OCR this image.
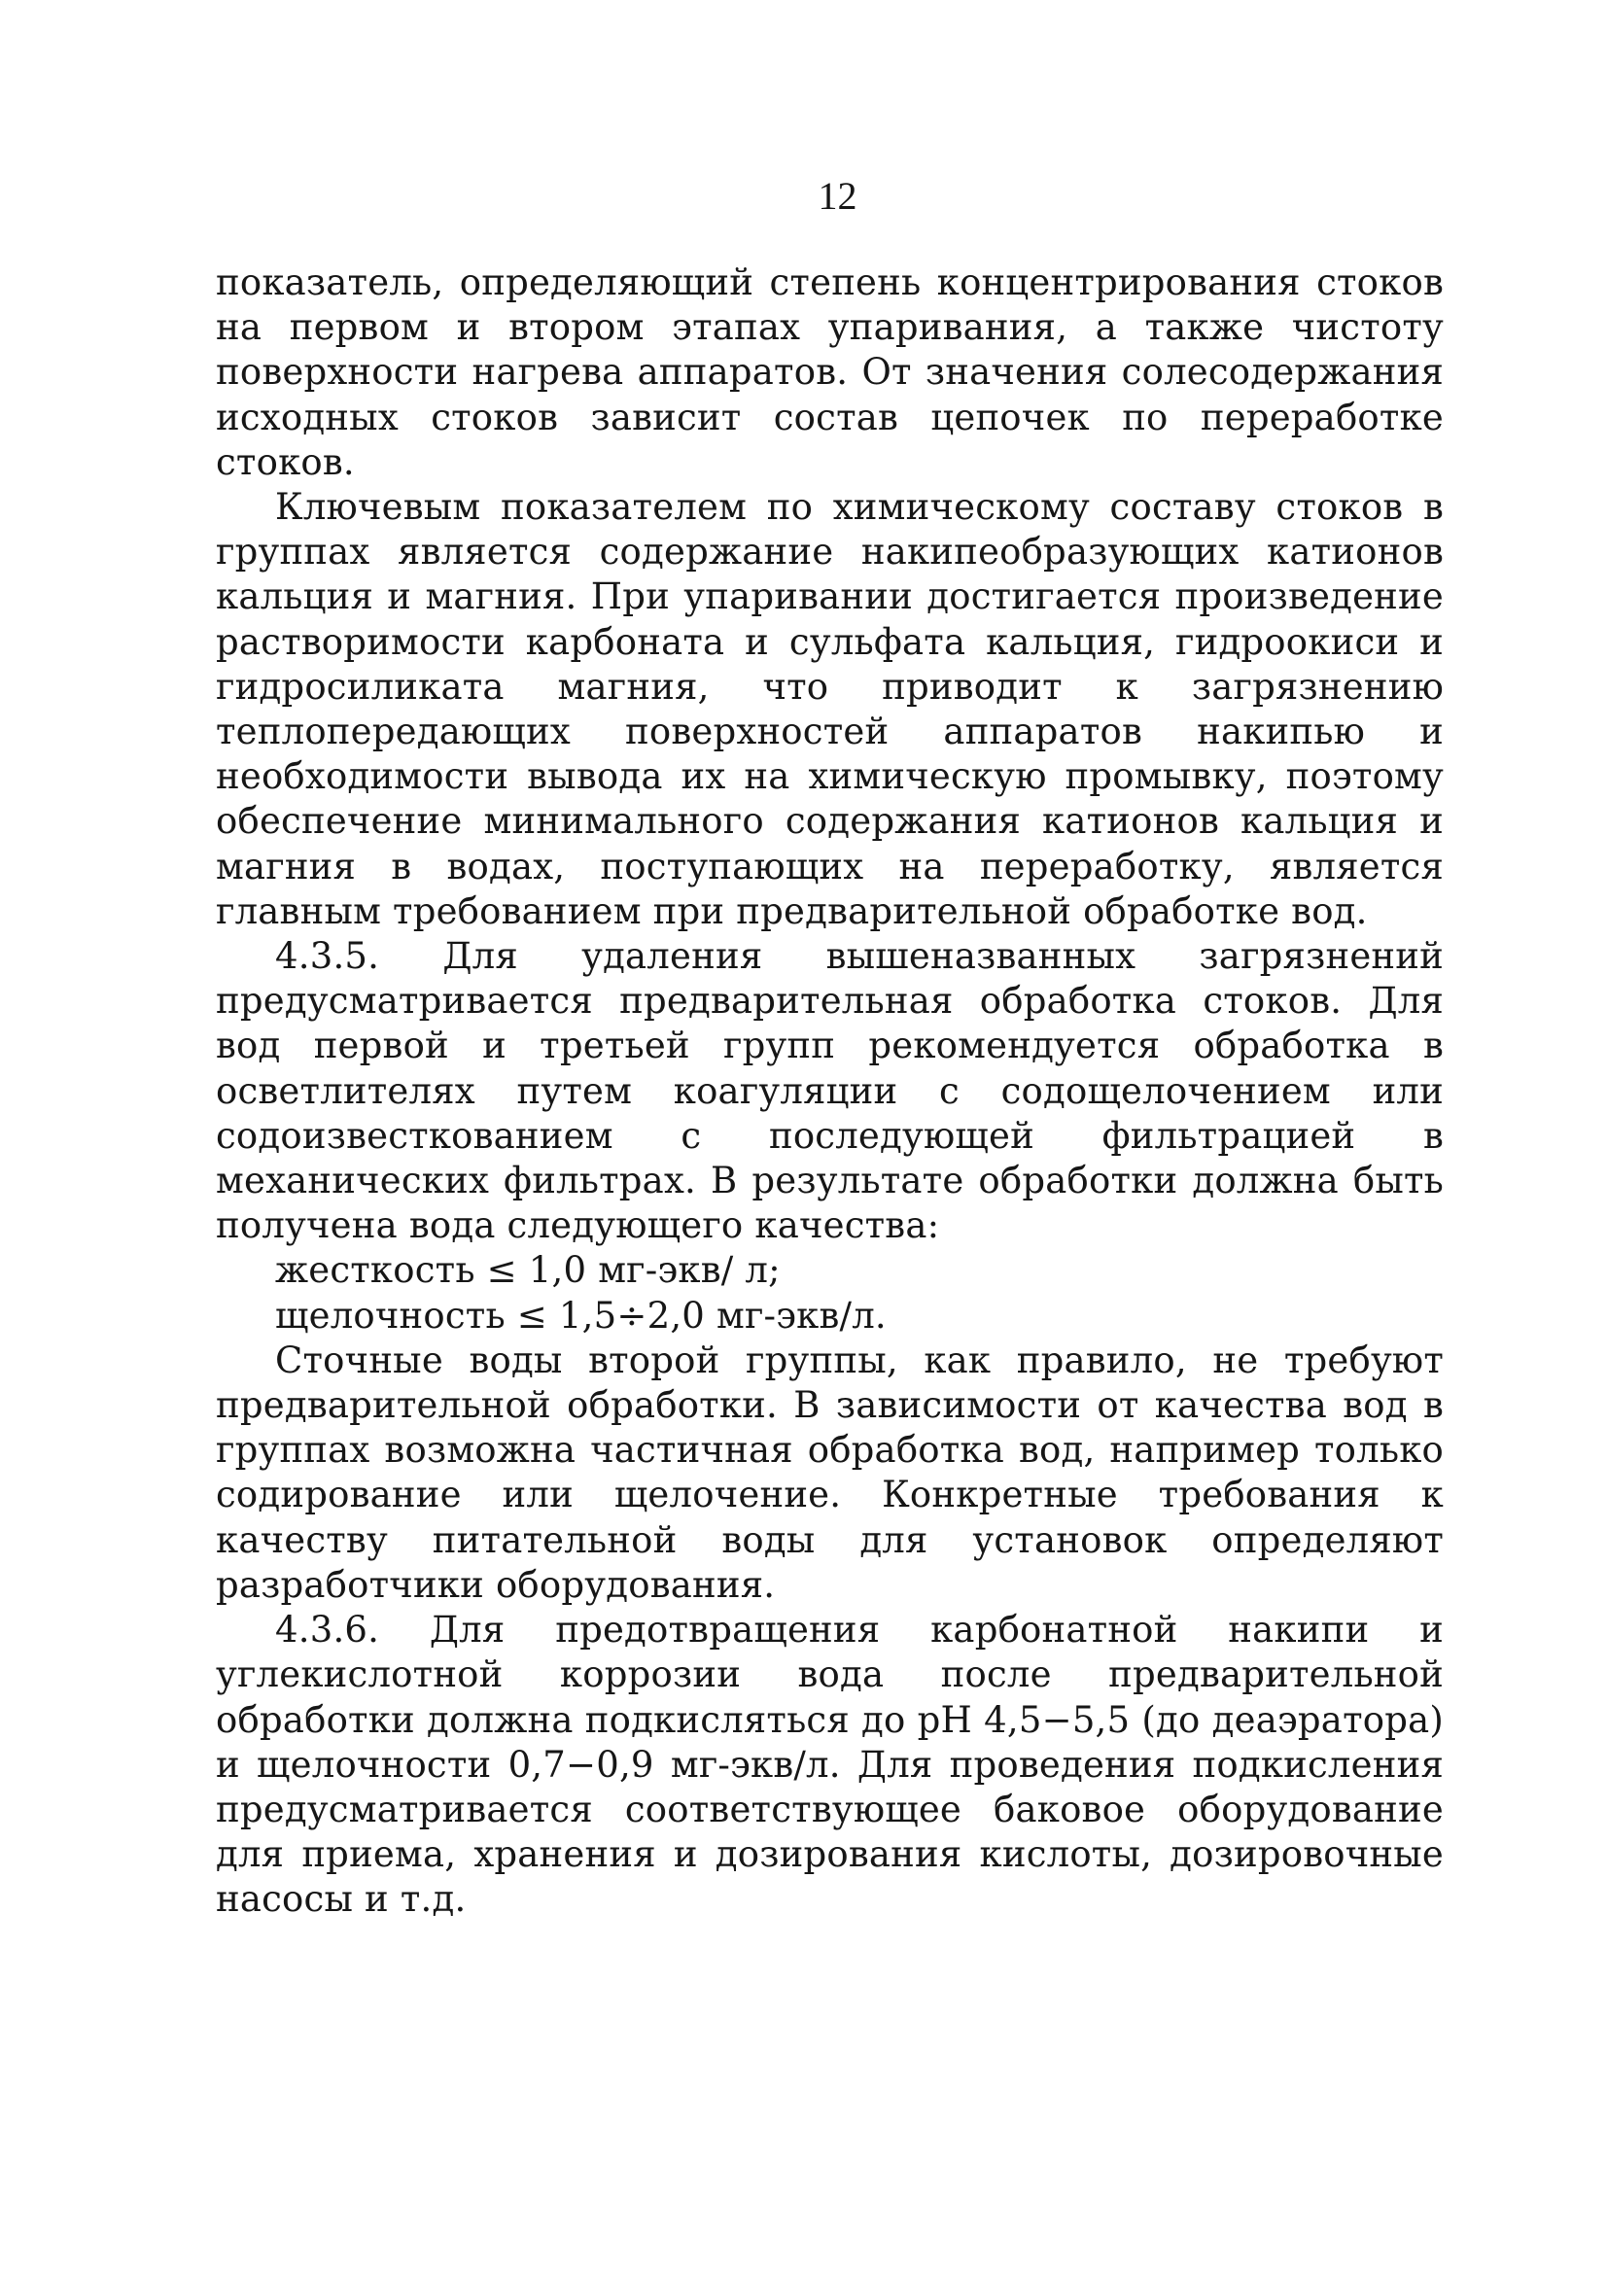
12

показатель, определяющий степень концентрирования стоков на первом и втором этапах упаривания, а также чистоту поверхности нагрева аппаратов. От значения солесодержания исходных стоков зависит состав цепочек по переработке стоков.

Ключевым показателем по химическому составу стоков в группах является содержание накипеобразующих катионов кальция и магния. При упаривании достигается произведение растворимости карбоната и сульфата кальция, гидроокиси и гидросиликата магния, что приводит к загрязнению теплопередающих поверхностей аппаратов накипью и необходимости вывода их на химическую промывку, поэтому обеспечение минимального содержания катионов кальция и магния в водах, поступающих на переработку, является главным требованием при предварительной обработке вод.

4.3.5. Для удаления вышеназванных загрязнений предусматривается предварительная обработка стоков. Для вод первой и третьей групп рекомендуется обработка в осветлителях путем коагуляции с содощелочением или содоизвесткованием с последующей фильтрацией в механических фильтрах. В результате обработки должна быть получена вода следующего качества:

жесткость ≤ 1,0 мг-экв/ л;

щелочность ≤ 1,5÷2,0 мг-экв/л.

Сточные воды второй группы, как правило, не требуют предварительной обработки. В зависимости от качества вод в группах возможна частичная обработка вод, например только содирование или щелочение. Конкретные требования к качеству питательной воды для установок определяют разработчики оборудования.

4.3.6. Для предотвращения карбонатной накипи и углекислотной коррозии вода после предварительной обработки должна подкисляться до pH 4,5−5,5 (до деаэратора) и щелочности 0,7−0,9 мг-экв/л. Для проведения подкисления предусматривается соответствующее баковое оборудование для приема, хранения и дозирования кислоты, дозировочные насосы и т.д.
